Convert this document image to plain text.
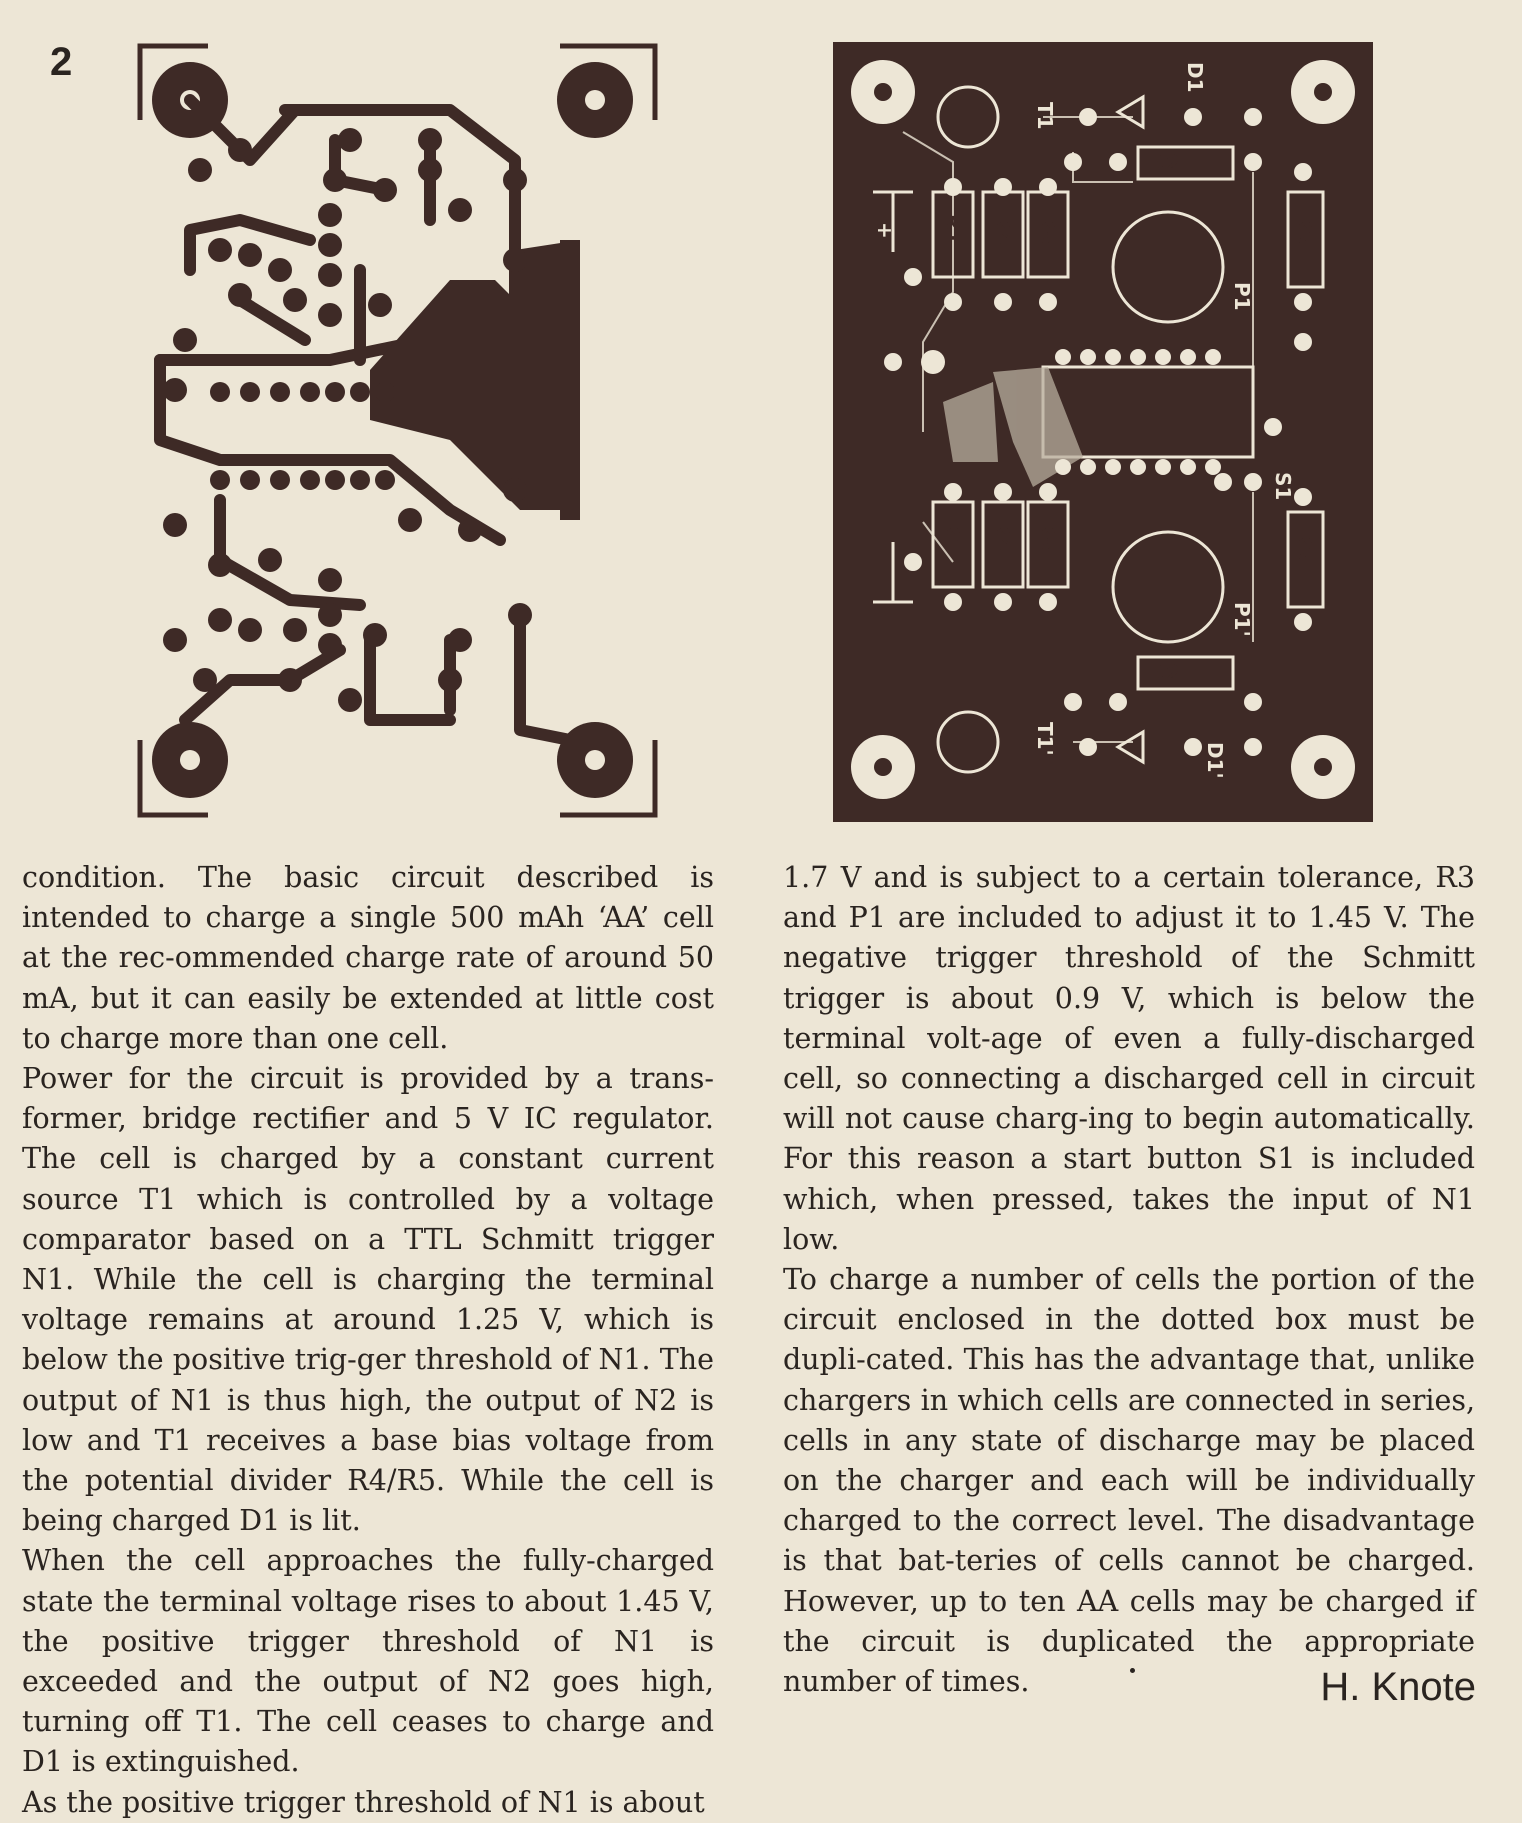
2
R2
R2
R1 R4 R5	R3
R1' R4' R5'	R3'
P1
P1'
D1
D1'
T1
T1'
S1
+

condition. The basic circuit described is intended to charge a single 500 mAh ‘AA’ cell at the rec-ommended charge rate of around 50 mA, but it can easily be extended at little cost to charge more than one cell.

Power for the circuit is provided by a trans-former, bridge rectifier and 5 V IC regulator. The cell is charged by a constant current source T1 which is controlled by a voltage comparator based on a TTL Schmitt trigger N1. While the cell is charging the terminal voltage remains at around 1.25 V, which is below the positive trig-ger threshold of N1. The output of N1 is thus high, the output of N2 is low and T1 receives a base bias voltage from the potential divider R4/R5. While the cell is being charged D1 is lit.

When the cell approaches the fully-charged state the terminal voltage rises to about 1.45 V, the positive trigger threshold of N1 is exceeded and the output of N2 goes high, turning off T1. The cell ceases to charge and D1 is extinguished.

As the positive trigger threshold of N1 is about

1.7 V and is subject to a certain tolerance, R3 and P1 are included to adjust it to 1.45 V. The negative trigger threshold of the Schmitt trigger is about 0.9 V, which is below the terminal volt-age of even a fully-discharged cell, so connecting a discharged cell in circuit will not cause charg-ing to begin automatically. For this reason a start button S1 is included which, when pressed, takes the input of N1 low.

To charge a number of cells the portion of the circuit enclosed in the dotted box must be dupli-cated. This has the advantage that, unlike chargers in which cells are connected in series, cells in any state of discharge may be placed on the charger and each will be individually charged to the correct level. The disadvantage is that bat-teries of cells cannot be charged. However, up to ten AA cells may be charged if the circuit is duplicated the appropriate number of times.	H. Knote
